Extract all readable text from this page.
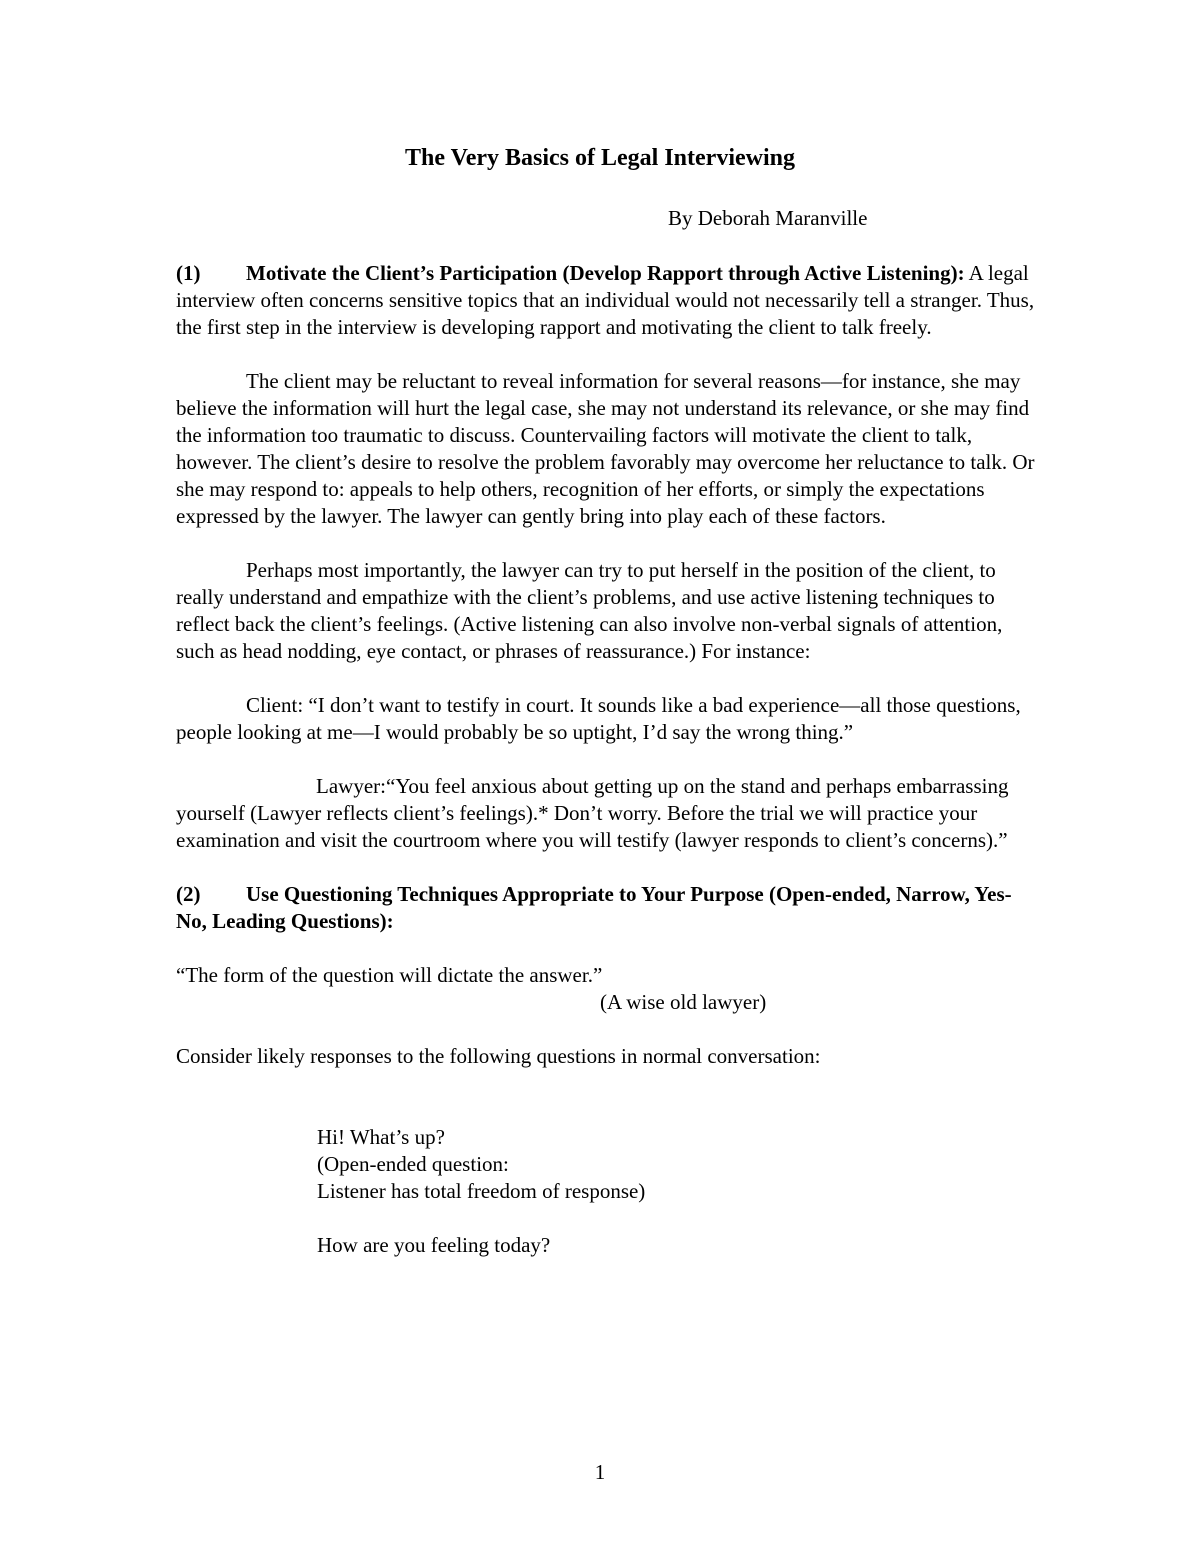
The Very Basics of Legal Interviewing
By Deborah Maranville

(1) Motivate the Client’s Participation (Develop Rapport through Active Listening): A legal interview often concerns sensitive topics that an individual would not necessarily tell a stranger. Thus, the first step in the interview is developing rapport and motivating the client to talk freely.

The client may be reluctant to reveal information for several reasons—for instance, she may believe the information will hurt the legal case, she may not understand its relevance, or she may find the information too traumatic to discuss. Countervailing factors will motivate the client to talk, however. The client’s desire to resolve the problem favorably may overcome her reluctance to talk. Or she may respond to: appeals to help others, recognition of her efforts, or simply the expectations expressed by the lawyer. The lawyer can gently bring into play each of these factors.

Perhaps most importantly, the lawyer can try to put herself in the position of the client, to really understand and empathize with the client’s problems, and use active listening techniques to reflect back the client’s feelings. (Active listening can also involve non-verbal signals of attention, such as head nodding, eye contact, or phrases of reassurance.) For instance:

Client: “I don’t want to testify in court. It sounds like a bad experience—all those questions, people looking at me—I would probably be so uptight, I’d say the wrong thing.”

Lawyer:“You feel anxious about getting up on the stand and perhaps embarrassing yourself (Lawyer reflects client’s feelings).* Don’t worry. Before the trial we will practice your examination and visit the courtroom where you will testify (lawyer responds to client’s concerns).”

(2) Use Questioning Techniques Appropriate to Your Purpose (Open-ended, Narrow, Yes-No, Leading Questions):

“The form of the question will dictate the answer.”
(A wise old lawyer)

Consider likely responses to the following questions in normal conversation:

Hi! What’s up?
(Open-ended question:
Listener has total freedom of response)
How are you feeling today?
1
